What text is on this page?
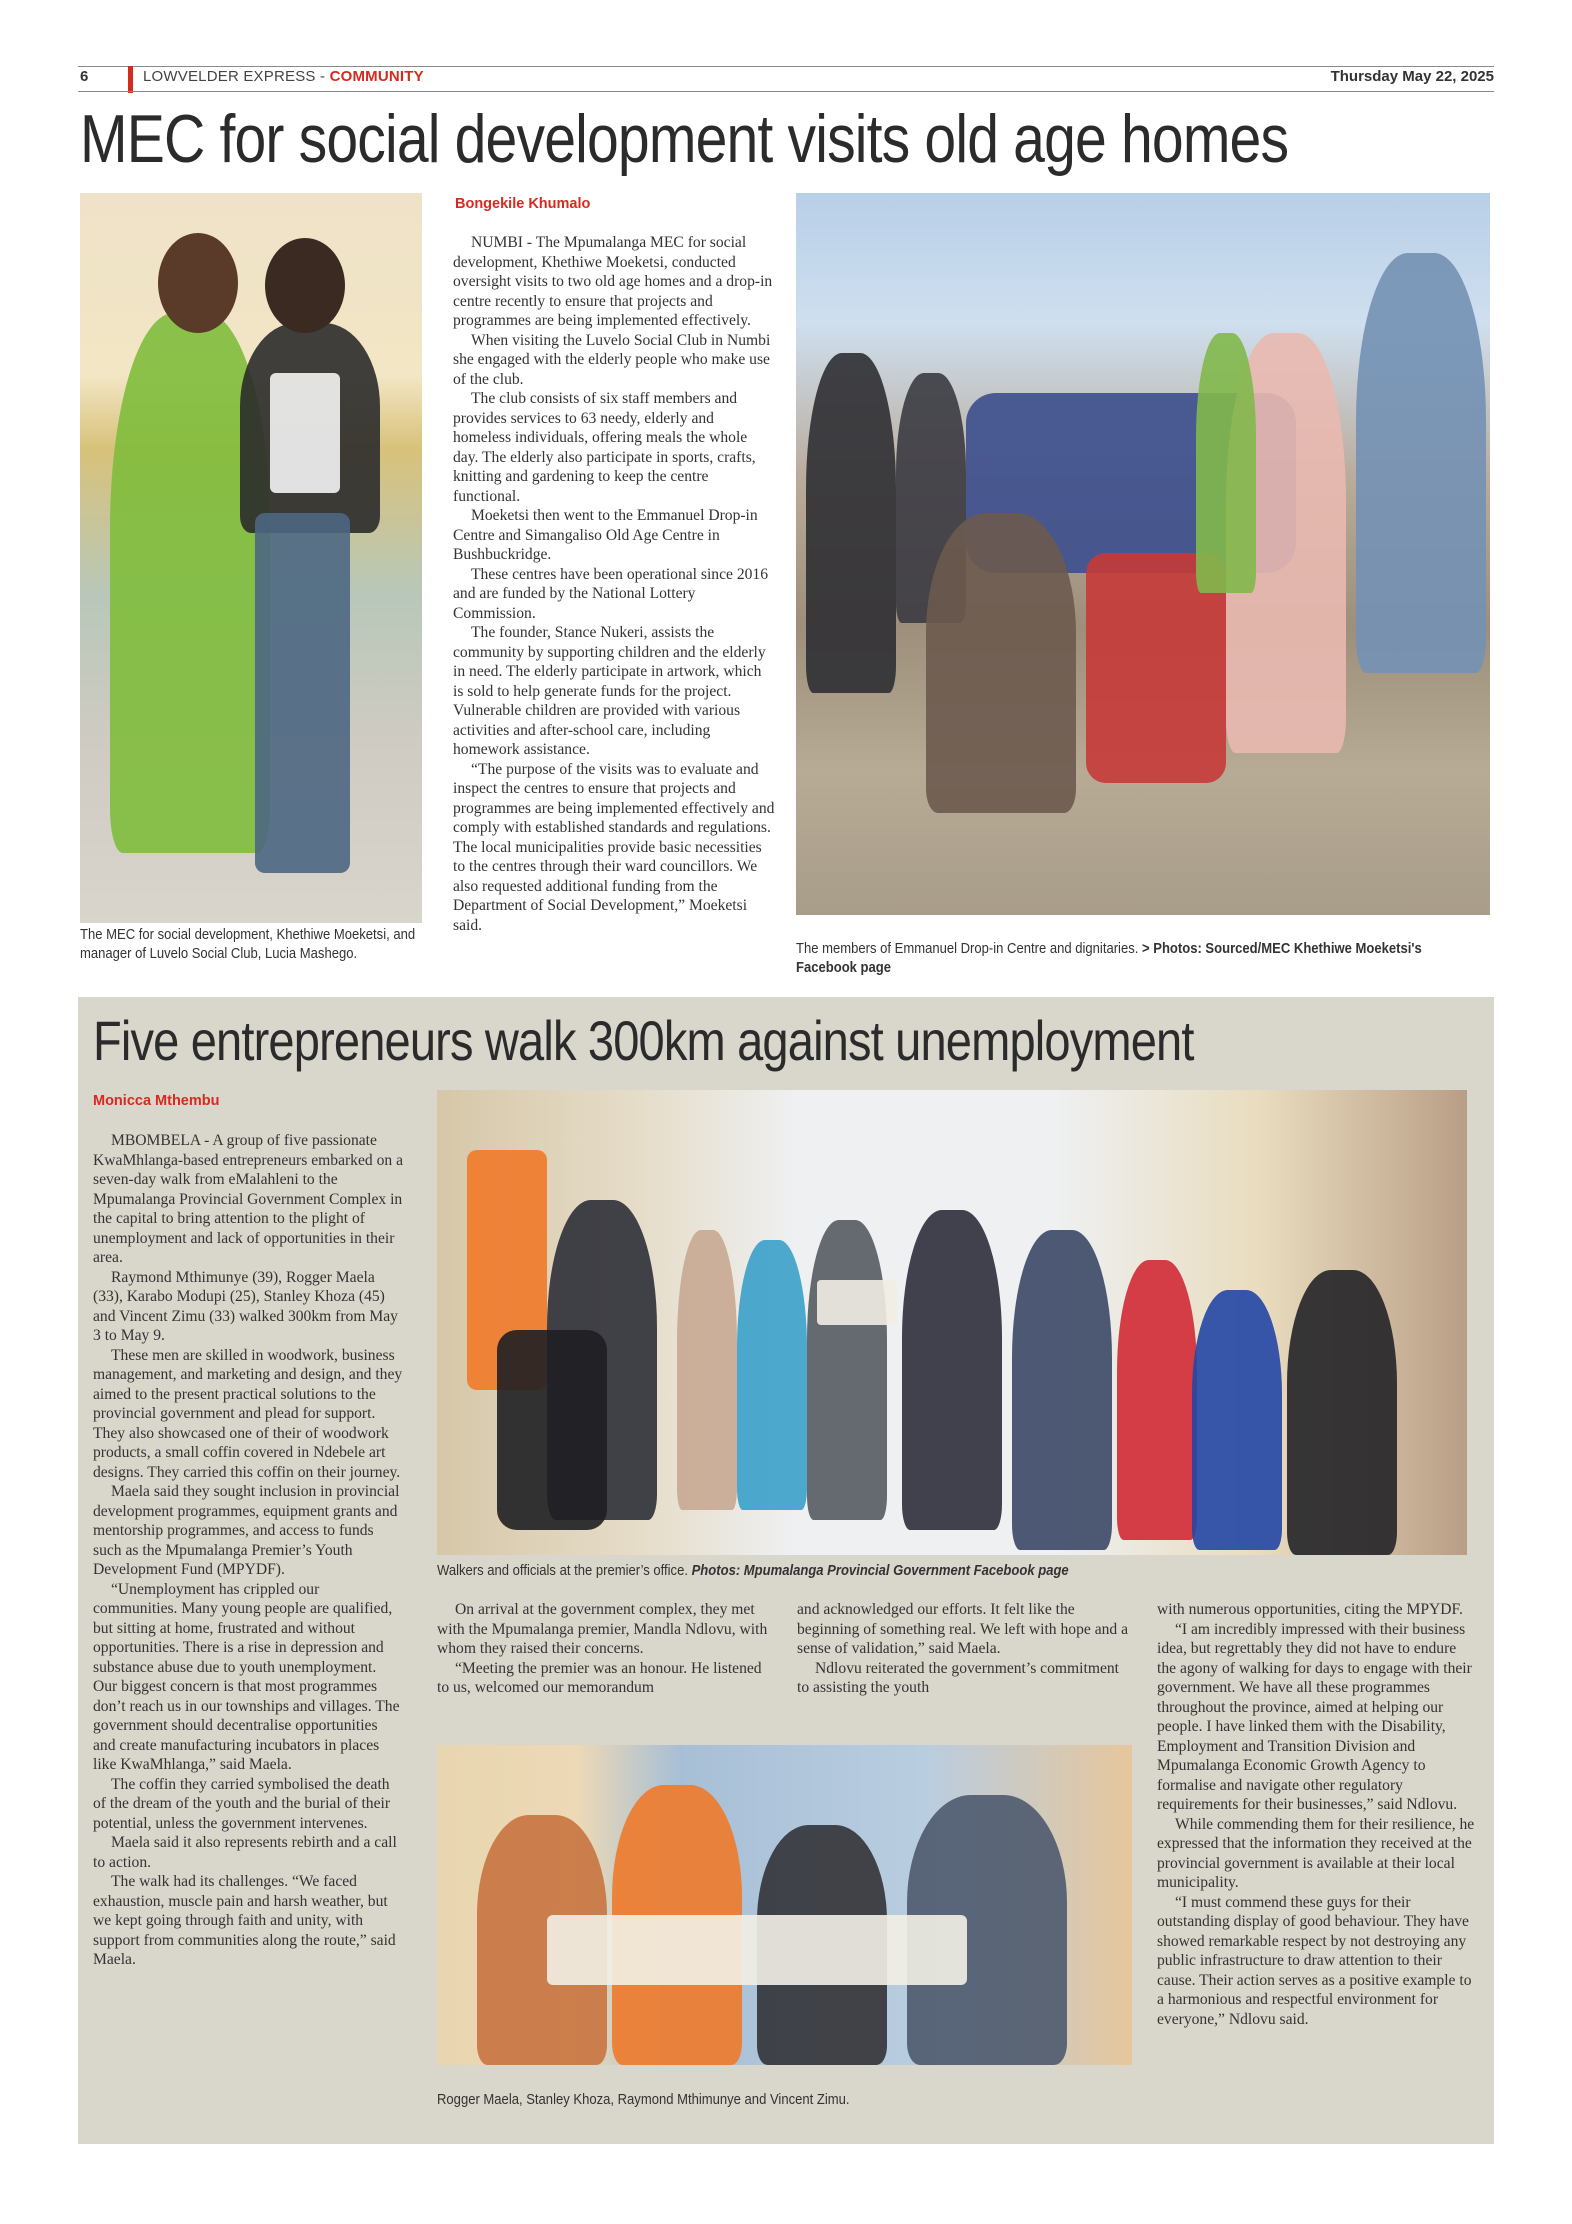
6	LOWVELDER EXPRESS - COMMUNITY	Thursday May 22, 2025
MEC for social development visits old age homes
Bongekile Khumalo

NUMBI - The Mpumalanga MEC for social development, Khethiwe Moeketsi, conducted oversight visits to two old age homes and a drop-in centre recently to ensure that projects and programmes are being implemented effectively.

When visiting the Luvelo Social Club in Numbi she engaged with the elderly people who make use of the club.

The club consists of six staff members and provides services to 63 needy, elderly and homeless individuals, offering meals the whole day. The elderly also participate in sports, crafts, knitting and gardening to keep the centre functional.

Moeketsi then went to the Emmanuel Drop-in Centre and Simangaliso Old Age Centre in Bushbuckridge.

These centres have been operational since 2016 and are funded by the National Lottery Commission.

The founder, Stance Nukeri, assists the community by supporting children and the elderly in need. The elderly participate in artwork, which is sold to help generate funds for the project. Vulnerable children are provided with various activities and after-school care, including homework assistance.

“The purpose of the visits was to evaluate and inspect the centres to ensure that projects and programmes are being implemented effectively and comply with established standards and regulations. The local municipalities provide basic necessities to the centres through their ward councillors. We also requested additional funding from the Department of Social Development,” Moeketsi said.

The MEC for social development, Khethiwe Moeketsi, and manager of Luvelo Social Club, Lucia Mashego.	The members of Emmanuel Drop-in Centre and dignitaries. > Photos: Sourced/MEC Khethiwe Moeketsi's Facebook page
Five entrepreneurs walk 300km against unemployment
Monicca Mthembu

MBOMBELA - A group of five passionate KwaMhlanga-based entrepreneurs embarked on a seven-day walk from eMalahleni to the Mpumalanga Provincial Government Complex in the capital to bring attention to the plight of unemployment and lack of opportunities in their area.

Raymond Mthimunye (39), Rogger Maela (33), Karabo Modupi (25), Stanley Khoza (45) and Vincent Zimu (33) walked 300km from May 3 to May 9.

These men are skilled in woodwork, business management, and marketing and design, and they aimed to the present practical solutions to the provincial government and plead for support. They also showcased one of their of woodwork products, a small coffin covered in Ndebele art designs. They carried this coffin on their journey.

Maela said they sought inclusion in provincial development programmes, equipment grants and mentorship programmes, and access to funds such as the Mpumalanga Premier’s Youth Development Fund (MPYDF).

“Unemployment has crippled our communities. Many young people are qualified, but sitting at home, frustrated and without opportunities. There is a rise in depression and substance abuse due to youth unemployment. Our biggest concern is that most programmes don’t reach us in our townships and villages. The government should decentralise opportunities and create manufacturing incubators in places like KwaMhlanga,” said Maela.

The coffin they carried symbolised the death of the dream of the youth and the burial of their potential, unless the government intervenes.

Maela said it also represents rebirth and a call to action.

The walk had its challenges. “We faced exhaustion, muscle pain and harsh weather, but we kept going through faith and unity, with support from communities along the route,” said Maela.

Walkers and officials at the premier’s office. Photos: Mpumalanga Provincial Government Facebook page

On arrival at the government complex, they met with the Mpumalanga premier, Mandla Ndlovu, with whom they raised their concerns.

“Meeting the premier was an honour. He listened to us, welcomed our memorandum

and acknowledged our efforts. It felt like the beginning of something real. We left with hope and a sense of validation,” said Maela.

Ndlovu reiterated the government’s commitment to assisting the youth

with numerous opportunities, citing the MPYDF.

“I am incredibly impressed with their business idea, but regrettably they did not have to endure the agony of walking for days to engage with their government. We have all these programmes throughout the province, aimed at helping our people. I have linked them with the Disability, Employment and Transition Division and Mpumalanga Economic Growth Agency to formalise and navigate other regulatory requirements for their businesses,” said Ndlovu.

While commending them for their resilience, he expressed that the information they received at the provincial government is available at their local municipality.

“I must commend these guys for their outstanding display of good behaviour. They have showed remarkable respect by not destroying any public infrastructure to draw attention to their cause. Their action serves as a positive example to a harmonious and respectful environment for everyone,” Ndlovu said.

Rogger Maela, Stanley Khoza, Raymond Mthimunye and Vincent Zimu.
